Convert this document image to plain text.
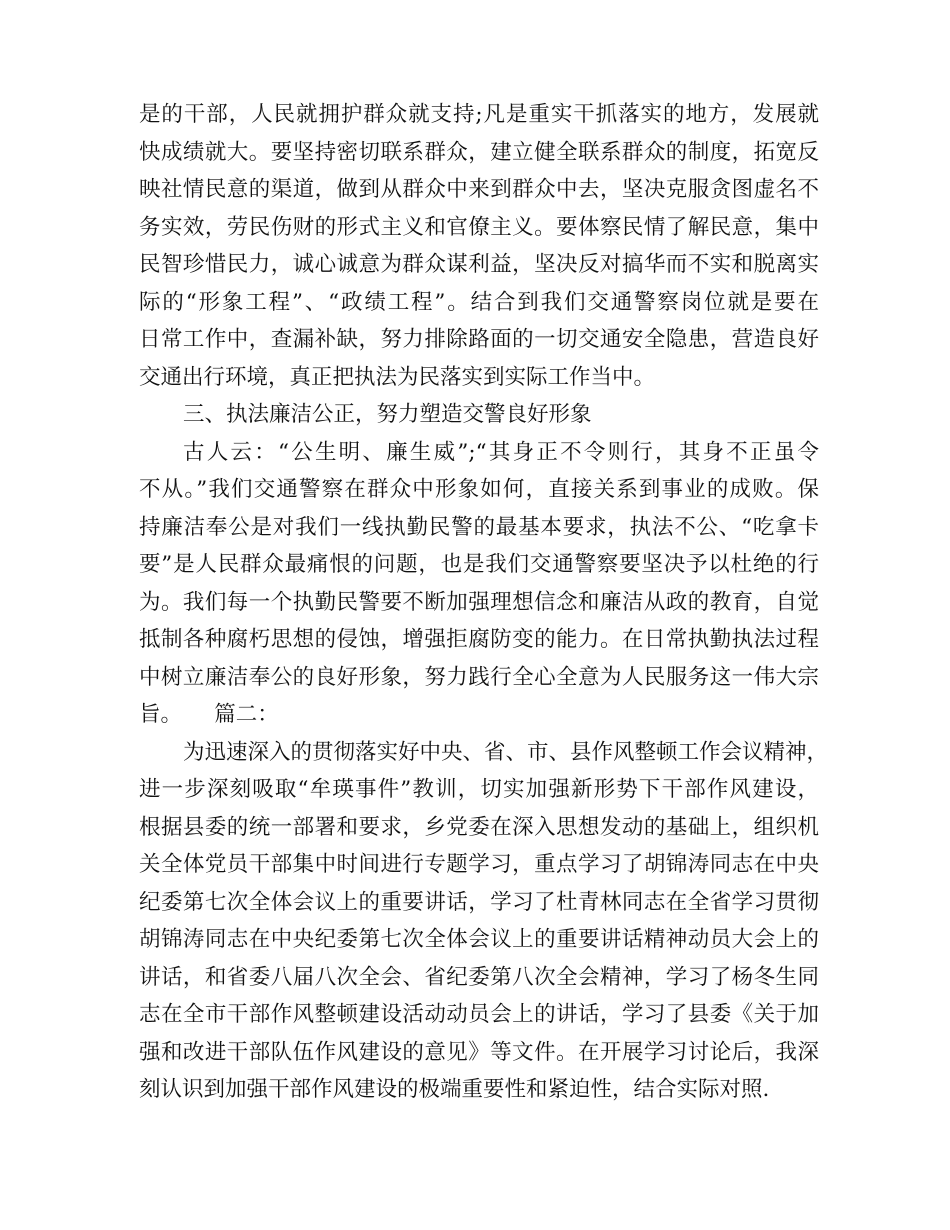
是的干部，人民就拥护群众就支持;凡是重实干抓落实的地方，发展就
快成绩就大。要坚持密切联系群众，建立健全联系群众的制度，拓宽反
映社情民意的渠道，做到从群众中来到群众中去，坚决克服贪图虚名不
务实效，劳民伤财的形式主义和官僚主义。要体察民情了解民意，集中
民智珍惜民力，诚心诚意为群众谋利益，坚决反对搞华而不实和脱离实
际的“形象工程”、“政绩工程”。结合到我们交通警察岗位就是要在
日常工作中，查漏补缺，努力排除路面的一切交通安全隐患，营造良好
交通出行环境，真正把执法为民落实到实际工作当中。
三、执法廉洁公正，努力塑造交警良好形象
古人云：“公生明、廉生威”;“其身正不令则行，其身不正虽令
不从。”我们交通警察在群众中形象如何，直接关系到事业的成败。保
持廉洁奉公是对我们一线执勤民警的最基本要求，执法不公、“吃拿卡
要”是人民群众最痛恨的问题，也是我们交通警察要坚决予以杜绝的行
为。我们每一个执勤民警要不断加强理想信念和廉洁从政的教育，自觉
抵制各种腐朽思想的侵蚀，增强拒腐防变的能力。在日常执勤执法过程
中树立廉洁奉公的良好形象，努力践行全心全意为人民服务这一伟大宗
旨。　　篇二：
为迅速深入的贯彻落实好中央、省、市、县作风整顿工作会议精神，
进一步深刻吸取“牟瑛事件”教训，切实加强新形势下干部作风建设，
根据县委的统一部署和要求，乡党委在深入思想发动的基础上，组织机
关全体党员干部集中时间进行专题学习，重点学习了胡锦涛同志在中央
纪委第七次全体会议上的重要讲话，学习了杜青林同志在全省学习贯彻
胡锦涛同志在中央纪委第七次全体会议上的重要讲话精神动员大会上的
讲话，和省委八届八次全会、省纪委第八次全会精神，学习了杨冬生同
志在全市干部作风整顿建设活动动员会上的讲话，学习了县委《关于加
强和改进干部队伍作风建设的意见》等文件。在开展学习讨论后，我深
刻认识到加强干部作风建设的极端重要性和紧迫性，结合实际对照.
